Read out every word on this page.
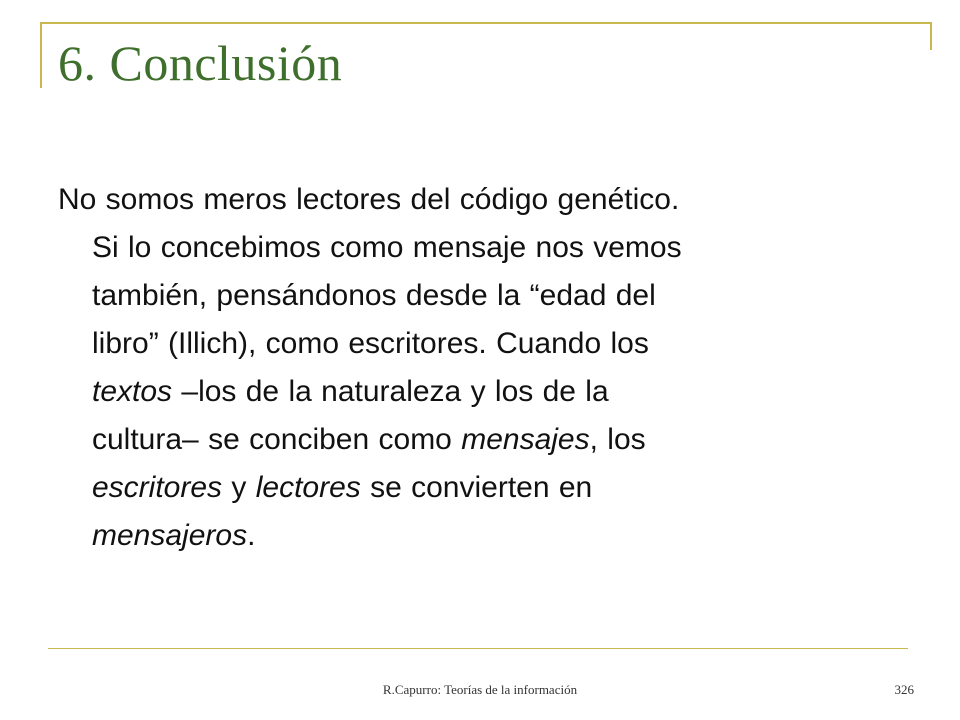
6. Conclusión
No somos meros lectores del código genético.
Si lo concebimos como mensaje nos vemos
también, pensándonos desde la “edad del
libro” (Illich), como escritores. Cuando los
textos –los de la naturaleza y los de la
cultura– se conciben como mensajes, los
escritores y lectores se convierten en
mensajeros.
R.Capurro: Teorías de la información	326
